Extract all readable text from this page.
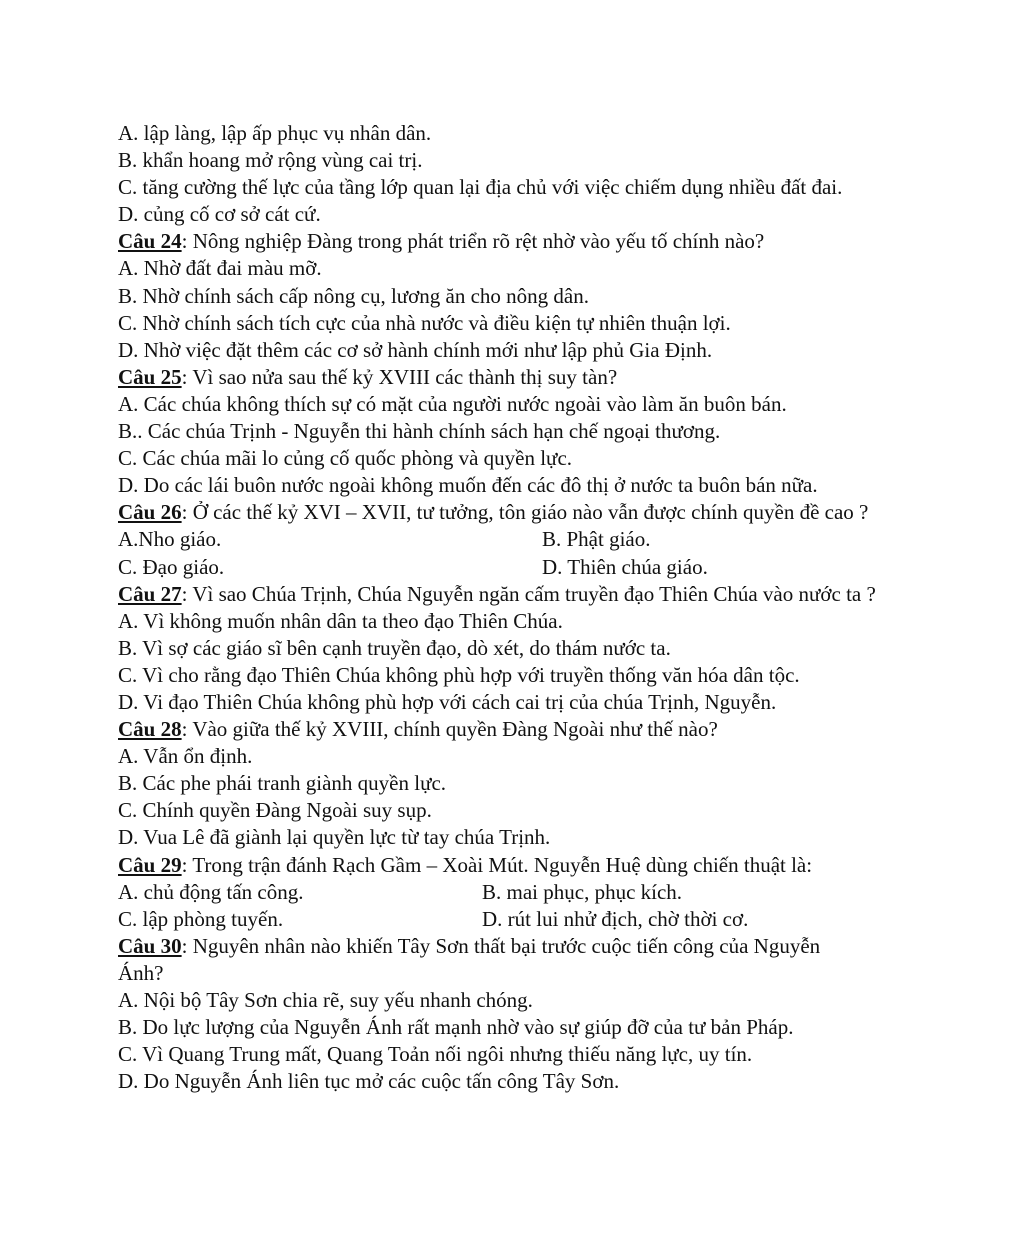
A. lập làng, lập ấp phục vụ nhân dân.
B. khẩn hoang mở rộng vùng cai trị.
C. tăng cường thế lực của tầng lớp quan lại địa chủ với việc chiếm dụng nhiều đất đai.
D. củng cố cơ sở cát cứ.
Câu 24: Nông nghiệp Đàng trong phát triển rõ rệt nhờ vào yếu tố chính nào?
A. Nhờ đất đai màu mỡ.
B. Nhờ chính sách cấp nông cụ, lương ăn cho nông dân.
C. Nhờ chính sách tích cực của nhà nước và điều kiện tự nhiên thuận lợi.
D. Nhờ việc đặt thêm các cơ sở hành chính mới như lập phủ Gia Định.
Câu 25: Vì sao nửa sau thế kỷ XVIII các thành thị suy tàn?
A. Các chúa không thích sự có mặt của người nước ngoài vào làm ăn buôn bán.
B.. Các chúa Trịnh - Nguyễn thi hành chính sách hạn chế ngoại thương.
C. Các chúa mãi lo củng cố quốc phòng và quyền lực.
D. Do các lái buôn nước ngoài không muốn đến các đô thị ở nước ta buôn bán nữa.
Câu 26: Ở các thế kỷ XVI – XVII, tư tưởng, tôn giáo nào vẫn được chính quyền đề cao ?
A.Nho giáo.	B. Phật giáo.
C. Đạo giáo.	D. Thiên chúa giáo.
Câu 27: Vì sao Chúa Trịnh, Chúa Nguyễn ngăn cấm truyền đạo Thiên Chúa vào nước ta ?
A. Vì không muốn nhân dân ta theo đạo Thiên Chúa.
B. Vì sợ các giáo sĩ bên cạnh truyền đạo, dò xét, do thám nước ta.
C. Vì cho rằng đạo Thiên Chúa không phù hợp với truyền thống văn hóa dân tộc.
D. Vi đạo Thiên Chúa không phù hợp với cách cai trị của chúa Trịnh, Nguyễn.
Câu 28: Vào giữa thế kỷ XVIII, chính quyền Đàng Ngoài như thế nào?
A. Vẫn ổn định.
B. Các phe phái tranh giành quyền lực.
C. Chính quyền Đàng Ngoài suy sụp.
D. Vua Lê đã giành lại quyền lực từ tay chúa Trịnh.
Câu 29: Trong trận đánh Rạch Gầm – Xoài Mút. Nguyễn Huệ dùng chiến thuật là:
A. chủ động tấn công.	B. mai phục, phục kích.
C. lập phòng tuyến.	D. rút lui nhử địch, chờ thời cơ.
Câu 30: Nguyên nhân nào khiến Tây Sơn thất bại trước cuộc tiến công của Nguyễn Ánh?
A. Nội bộ Tây Sơn chia rẽ, suy yếu nhanh chóng.
B. Do lực lượng của Nguyễn Ánh rất mạnh nhờ vào sự giúp đỡ của tư bản Pháp.
C. Vì Quang Trung mất, Quang Toản nối ngôi nhưng thiếu năng lực, uy tín.
D. Do Nguyễn Ánh liên tục mở các cuộc tấn công Tây Sơn.
